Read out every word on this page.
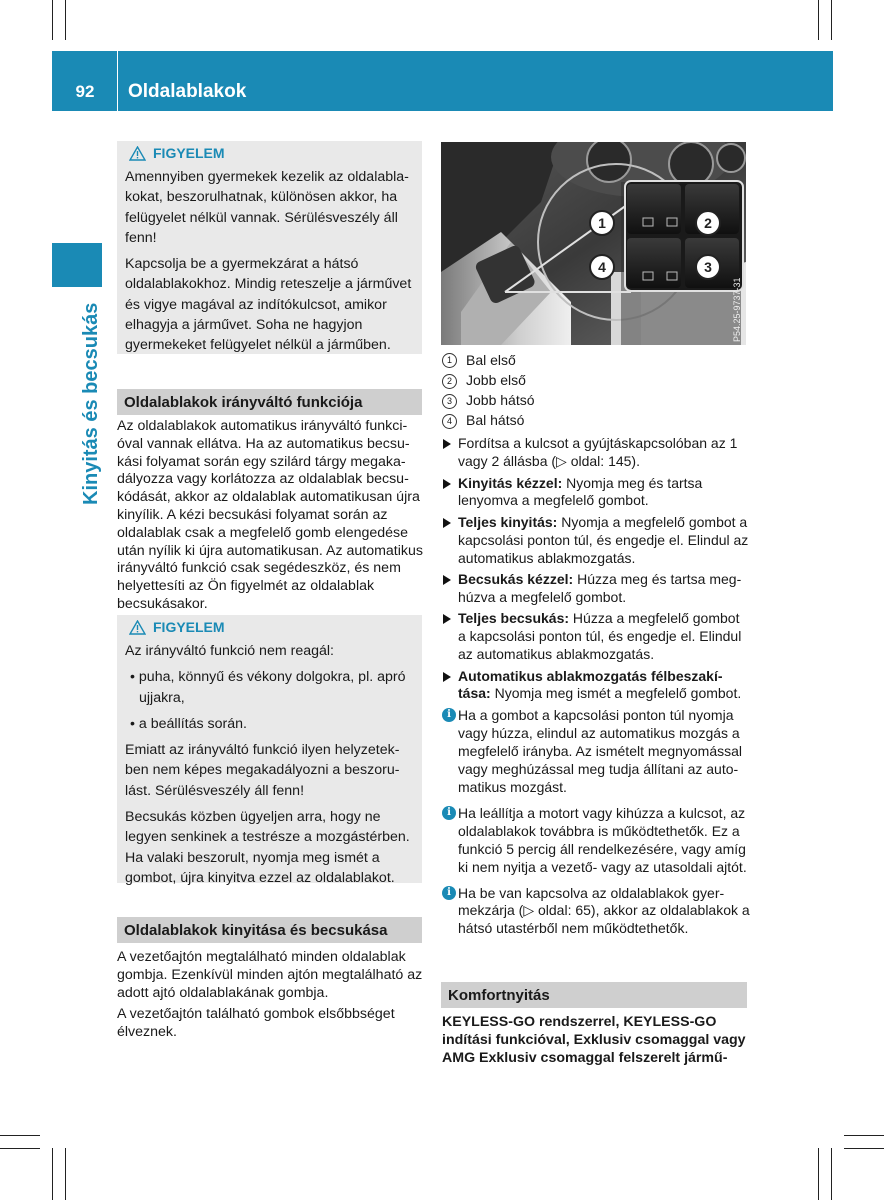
92	Oldalablakok
Kinyitás és becsukás
FIGYELEM

Amennyiben gyermekek kezelik az oldalablakokat, beszorulhatnak, különösen akkor, ha felügyelet nélkül vannak. Sérülésveszély áll fenn!

Kapcsolja be a gyermekzárat a hátsó oldalablakokhoz. Mindig reteszelje a járművet és vigye magával az indítókulcsot, amikor elhagyja a járművet. Soha ne hagyjon gyermekeket felügyelet nélkül a járműben.

Oldalablakok irányváltó funkciója

Az oldalablakok automatikus irányváltó funkcióval vannak ellátva. Ha az automatikus becsukási folyamat során egy szilárd tárgy megakadályozza vagy korlátozza az oldalablak becsukódását, akkor az oldalablak automatikusan újra kinyílik. A kézi becsukási folyamat során az oldalablak csak a megfelelő gomb elengedése után nyílik ki újra automatikusan. Az automatikus irányváltó funkció csak segédeszköz, és nem helyettesíti az Ön figyelmét az oldalablak becsukásakor.

FIGYELEM

Az irányváltó funkció nem reagál:

• puha, könnyű és vékony dolgokra, pl. apró ujjakra,

• a beállítás során.

Emiatt az irányváltó funkció ilyen helyzetekben nem képes megakadályozni a beszorulást. Sérülésveszély áll fenn!

Becsukás közben ügyeljen arra, hogy ne legyen senkinek a testrésze a mozgástérben. Ha valaki beszorult, nyomja meg ismét a gombot, újra kinyitva ezzel az oldalablakot.

Oldalablakok kinyitása és becsukása

A vezetőajtón megtalálható minden oldalablak gombja. Ezenkívül minden ajtón megtalálható az adott ajtó oldalablakának gombja.

A vezetőajtón található gombok elsőbbséget élveznek.

1	2
3
4
P54.25-9737-31
1	Bal első
2	Jobb első
3	Jobb hátsó
4	Bal hátsó
Fordítsa a kulcsot a gyújtáskapcsolóban az 1 vagy 2 állásba (▷ oldal: 145).
Kinyitás kézzel: Nyomja meg és tartsa lenyomva a megfelelő gombot.
Teljes kinyitás: Nyomja a megfelelő gombot a kapcsolási ponton túl, és engedje el. Elindul az automatikus ablakmozgatás.
Becsukás kézzel: Húzza meg és tartsa meghúzva a megfelelő gombot.
Teljes becsukás: Húzza a megfelelő gombot a kapcsolási ponton túl, és engedje el. Elindul az automatikus ablakmozgatás.
Automatikus ablakmozgatás félbeszakítása: Nyomja meg ismét a megfelelő gombot.
i Ha a gombot a kapcsolási ponton túl nyomja vagy húzza, elindul az automatikus mozgás a megfelelő irányba. Az ismételt megnyomással vagy meghúzással meg tudja állítani az automatikus mozgást.
i Ha leállítja a motort vagy kihúzza a kulcsot, az oldalablakok továbbra is működtethetők. Ez a funkció 5 percig áll rendelkezésére, vagy amíg ki nem nyitja a vezető- vagy az utasoldali ajtót.
i Ha be van kapcsolva az oldalablakok gyermekzárja (▷ oldal: 65), akkor az oldalablakok a hátsó utastérből nem működtethetők.
Komfortnyitás

KEYLESS-GO rendszerrel, KEYLESS-GO indítási funkcióval, Exklusiv csomaggal vagy AMG Exklusiv csomaggal felszerelt jármű-
